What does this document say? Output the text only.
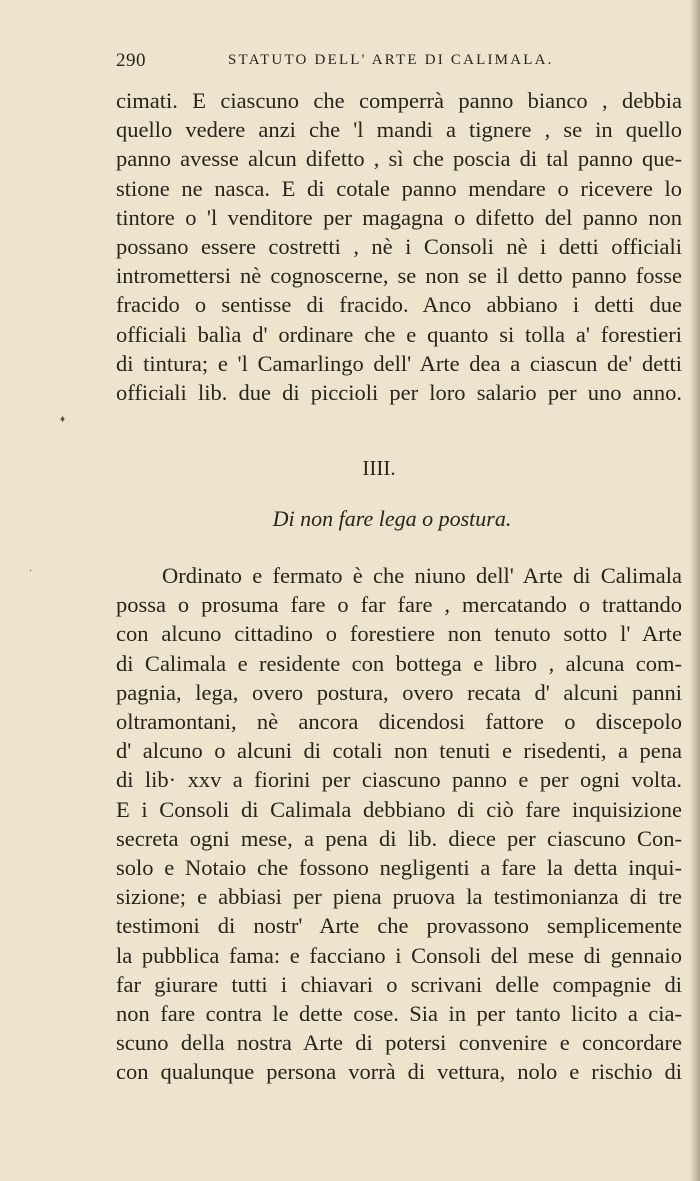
290	STATUTO DELL' ARTE DI CALIMALA.
cimati. E ciascuno che comperrà panno bianco , debbia
quello vedere anzi che 'l mandi a tignere , se in quello
panno avesse alcun difetto , sì che poscia di tal panno que-
stione ne nasca. E di cotale panno mendare o ricevere lo
tintore o 'l venditore per magagna o difetto del panno non
possano essere costretti , nè i Consoli nè i detti officiali
intromettersi nè cognoscerne, se non se il detto panno fosse
fracido o sentisse di fracido. Anco abbiano i detti due
officiali balìa d' ordinare che e quanto si tolla a' forestieri
di tintura; e 'l Camarlingo dell' Arte dea a ciascun de' detti
officiali lib. due di piccioli per loro salario per uno anno.
♦
IIII.
Di non fare lega o postura.
·	Ordinato e fermato è che niuno dell' Arte di Calimala
possa o prosuma fare o far fare , mercatando o trattando
con alcuno cittadino o forestiere non tenuto sotto l' Arte
di Calimala e residente con bottega e libro , alcuna com-
pagnia, lega, overo postura, overo recata d' alcuni panni
oltramontani, nè ancora dicendosi fattore o discepolo
d' alcuno o alcuni di cotali non tenuti e risedenti, a pena
di lib· xxv a fiorini per ciascuno panno e per ogni volta.
E i Consoli di Calimala debbiano di ciò fare inquisizione
secreta ogni mese, a pena di lib. diece per ciascuno Con-
solo e Notaio che fossono negligenti a fare la detta inqui-
sizione; e abbiasi per piena pruova la testimonianza di tre
testimoni di nostr' Arte che provassono semplicemente
la pubblica fama: e facciano i Consoli del mese di gennaio
far giurare tutti i chiavari o scrivani delle compagnie di
non fare contra le dette cose. Sia in per tanto licito a cia-
scuno della nostra Arte di potersi convenire e concordare
con qualunque persona vorrà di vettura, nolo e rischio di
